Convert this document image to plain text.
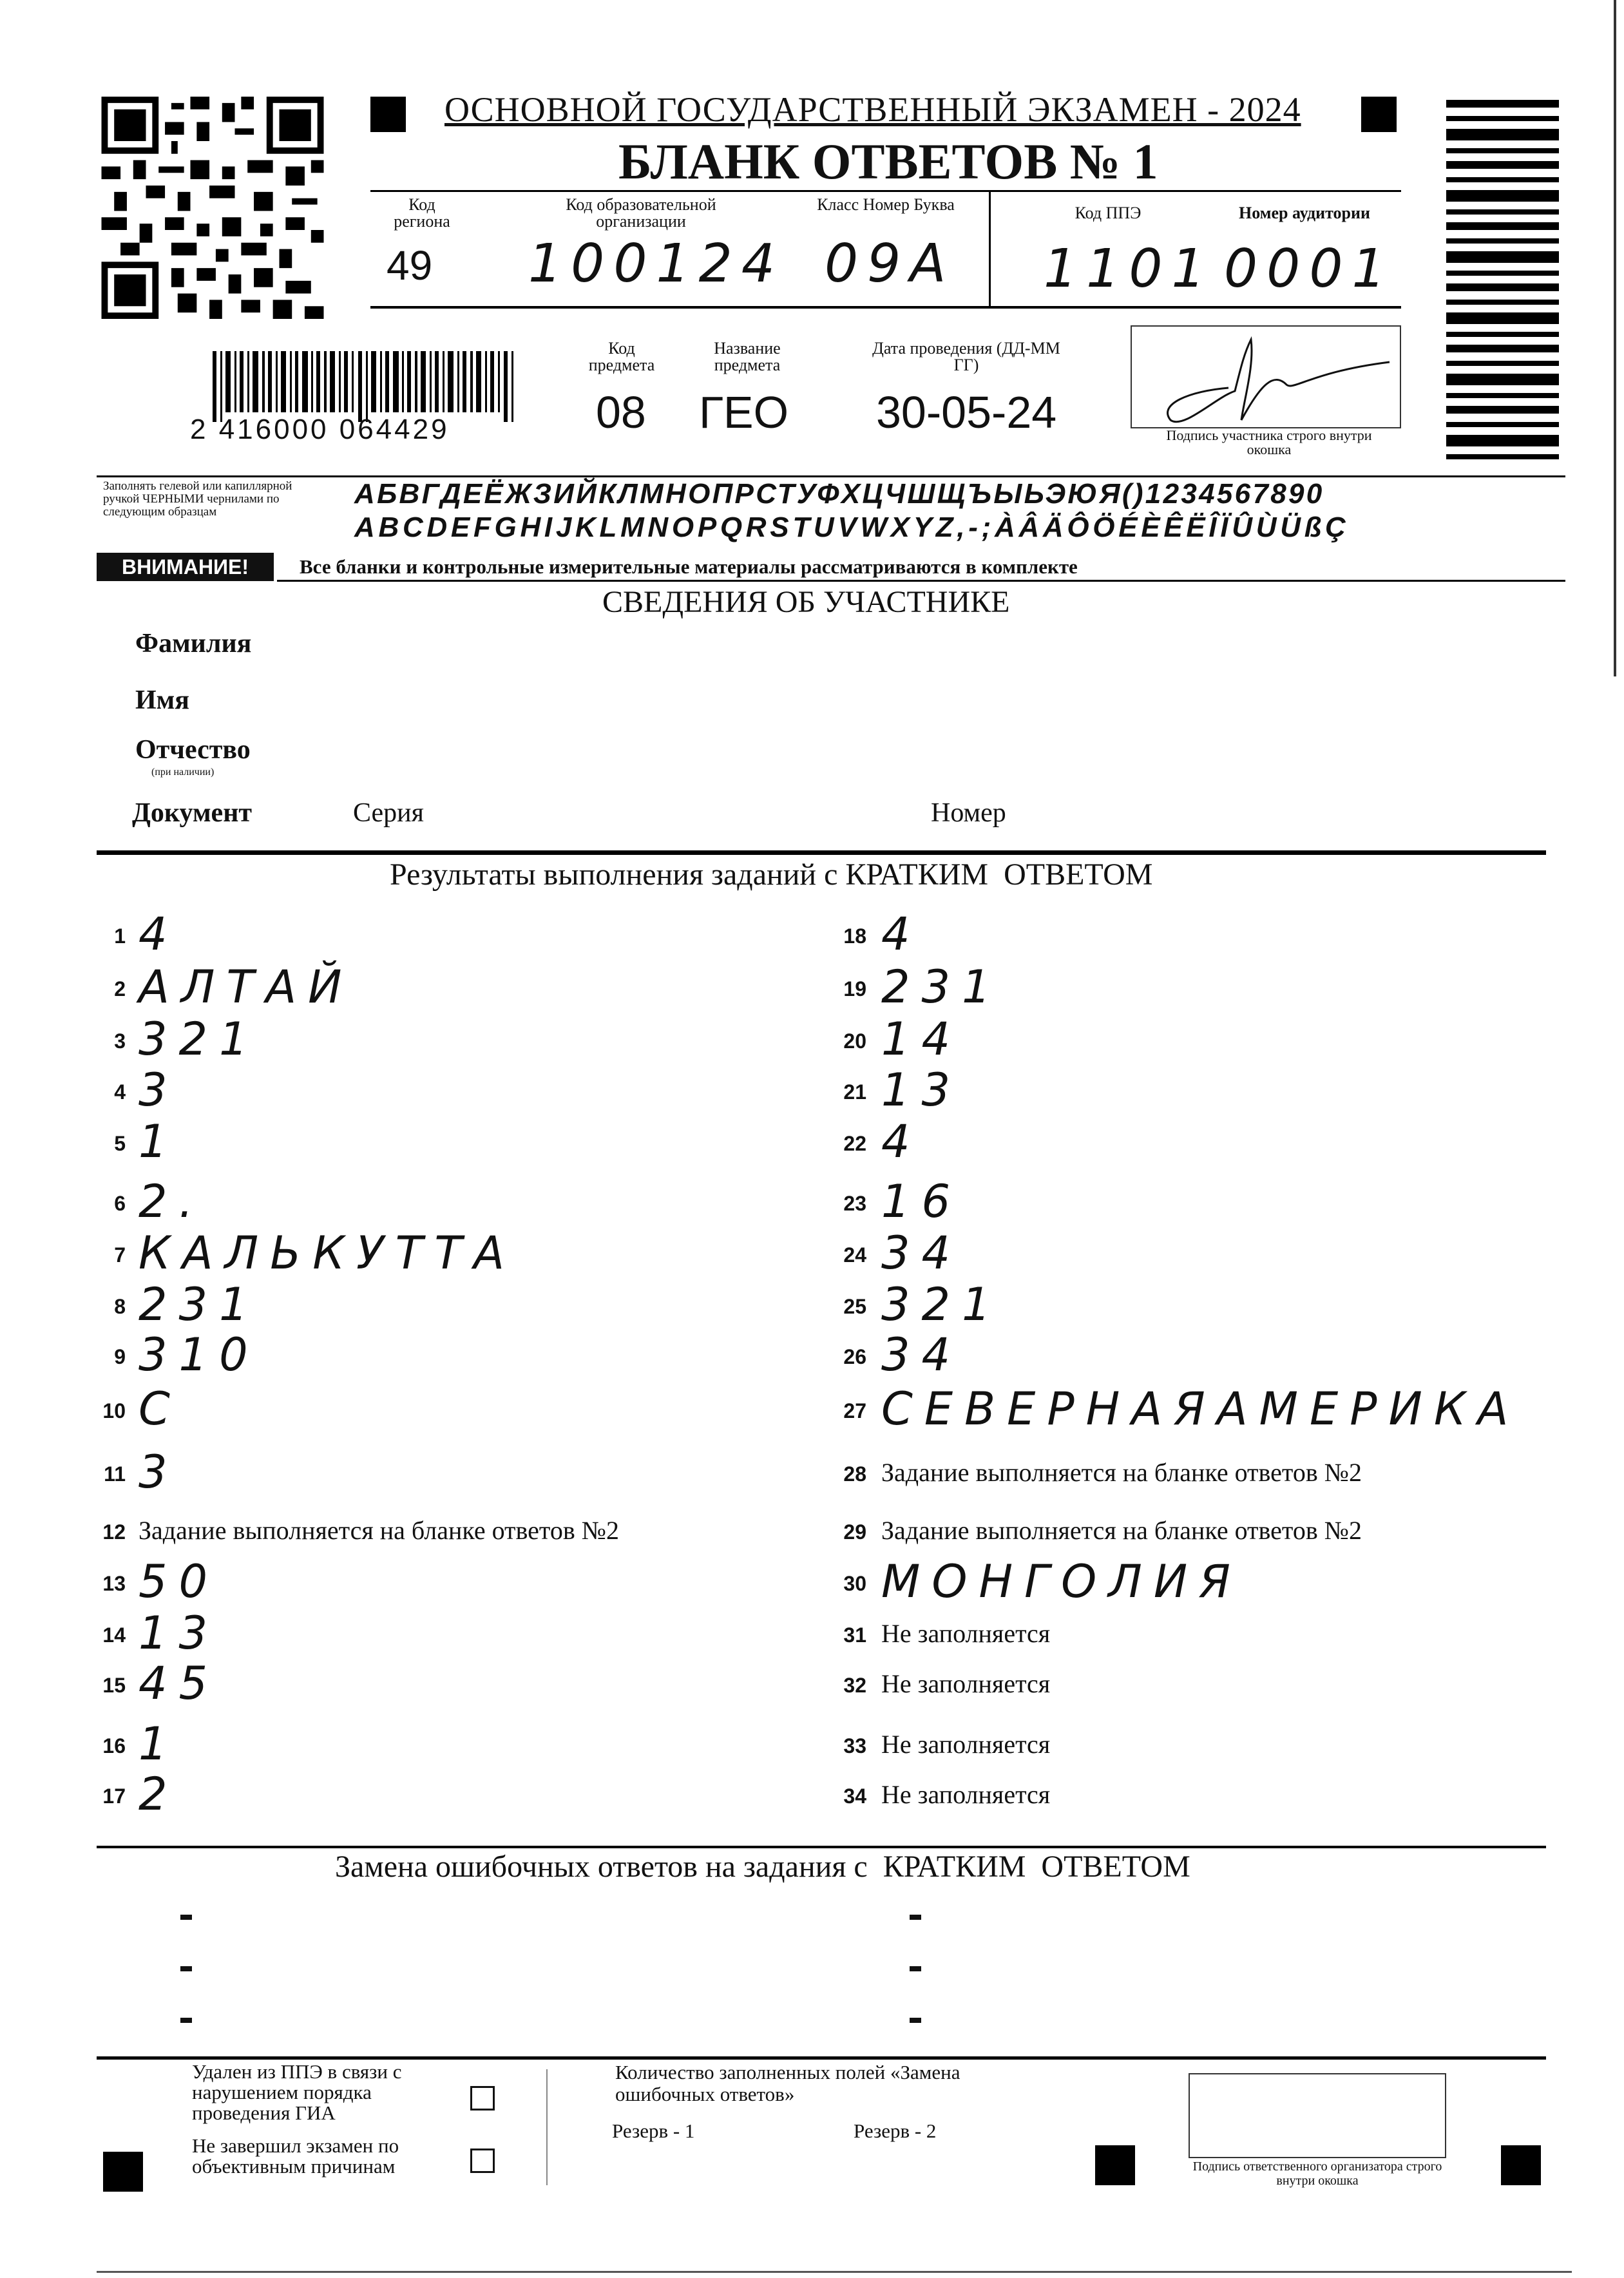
ОСНОВНОЙ ГОСУДАРСТВЕННЫЙ ЭКЗАМЕН - 2024
БЛАНК ОТВЕТОВ № 1
Код региона
Код образовательной организации
Класс Номер Буква	Код ППЭ	Номер аудитории
49 100124 09А 1101 0001
2 416000 064429
Код предмета
Название предмета
Дата проведения (ДД-ММ ГГ)
08 ГЕО 30-05-24	Подпись участника строго внутри окошка
Заполнять гелевой или капиллярной ручкой ЧЕРНЫМИ чернилами по следующим образцам
АБВГДЕЁЖЗИЙКЛМНОПРСТУФХЦЧШЩЪЫЬЭЮЯ()1234567890
ABCDEFGHIJKLMNOPQRSTUVWXYZ,-;ÀÂÄÔÖÉÈÊËÎÏÛÙÜßÇ
ВНИМАНИЕ!	Все бланки и контрольные измерительные материалы рассматриваются в комплекте
СВЕДЕНИЯ ОБ УЧАСТНИКЕ
Фамилия
Имя
Отчество
(при наличии)
Документ	Серия	Номер
Результаты выполнения заданий с КРАТКИМ  ОТВЕТОМ
1 4
2 АЛТАЙ
3 321
4 3
5 1
6 2.
7 КАЛЬКУТТА
8 231
9 310
10 С
11 3
12 Задание выполняется на бланке ответов №2
13 50
14 13
15 45
16 1
17 2
18 4
19 231
20 14
21 13
22 4
23 16
24 34
25 321
26 34
27 СЕВЕРНАЯАМЕРИКА
28 Задание выполняется на бланке ответов №2
29 Задание выполняется на бланке ответов №2
30 МОНГОЛИЯ
31 Не заполняется
32 Не заполняется
33 Не заполняется
34 Не заполняется
Замена ошибочных ответов на задания с  КРАТКИМ  ОТВЕТОМ
Удален из ППЭ в связи с нарушением порядка проведения ГИА
Не завершил экзамен по объективным причинам
Количество заполненных полей «Замена ошибочных ответов»
Резерв - 1	Резерв - 2
Подпись ответственного организатора строго внутри окошка
